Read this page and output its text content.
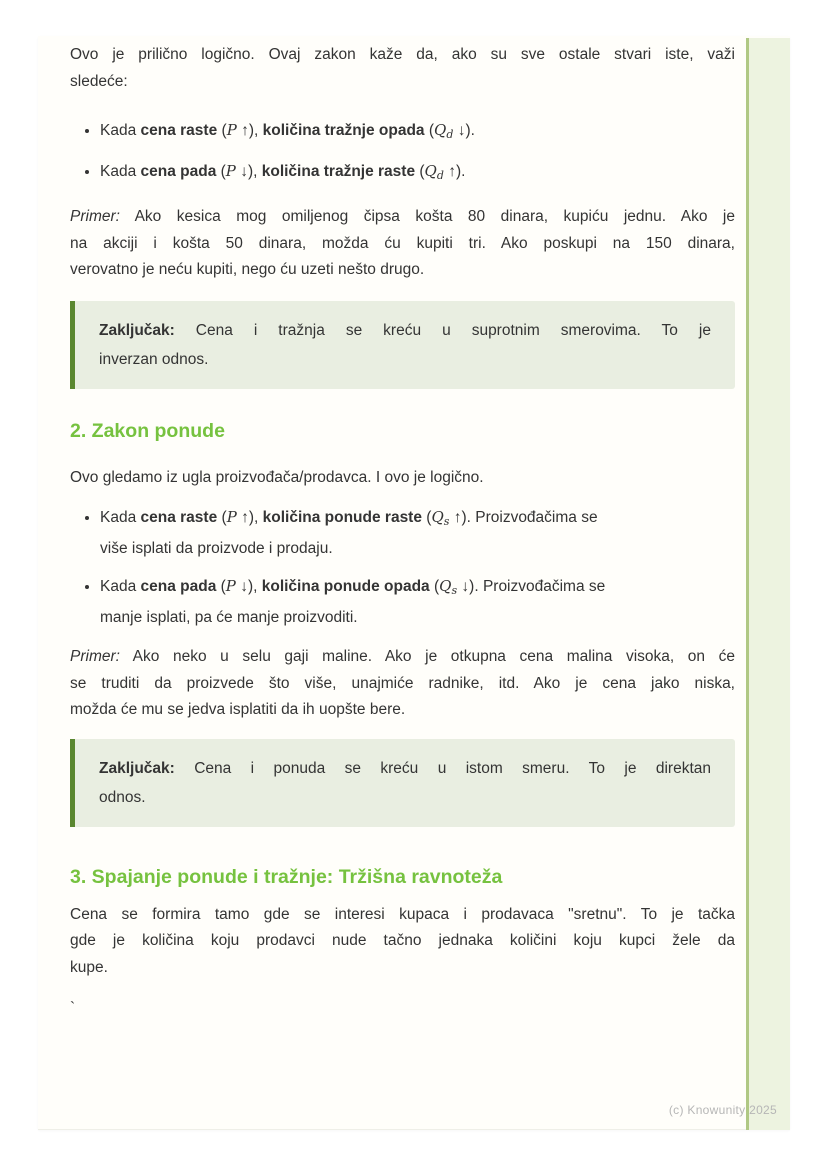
Ovo je prilično logično. Ovaj zakon kaže da, ako su sve ostale stvari iste, važi
sledeće:
• Kada cena raste (P ↑), količina tražnje opada (Qd ↓).
• Kada cena pada (P ↓), količina tražnje raste (Qd ↑).
Primer: Ako kesica mog omiljenog čipsa košta 80 dinara, kupiću jednu. Ako je
na akciji i košta 50 dinara, možda ću kupiti tri. Ako poskupi na 150 dinara,
verovatno je neću kupiti, nego ću uzeti nešto drugo.
Zaključak: Cena i tražnja se kreću u suprotnim smerovima. To je
inverzan odnos.
2. Zakon ponude
Ovo gledamo iz ugla proizvođača/prodavca. I ovo je logično.
• Kada cena raste (P ↑), količina ponude raste (Qs ↑). Proizvođačima se
više isplati da proizvode i prodaju.
• Kada cena pada (P ↓), količina ponude opada (Qs ↓). Proizvođačima se
manje isplati, pa će manje proizvoditi.
Primer: Ako neko u selu gaji maline. Ako je otkupna cena malina visoka, on će
se truditi da proizvede što više, unajmiće radnike, itd. Ako je cena jako niska,
možda će mu se jedva isplatiti da ih uopšte bere.
Zaključak: Cena i ponuda se kreću u istom smeru. To je direktan
odnos.
3. Spajanje ponude i tražnje: Tržišna ravnoteža
Cena se formira tamo gde se interesi kupaca i prodavaca "sretnu". To je tačka
gde je količina koju prodavci nude tačno jednaka količini koju kupci žele da
kupe.
`
(c) Knowunity 2025
